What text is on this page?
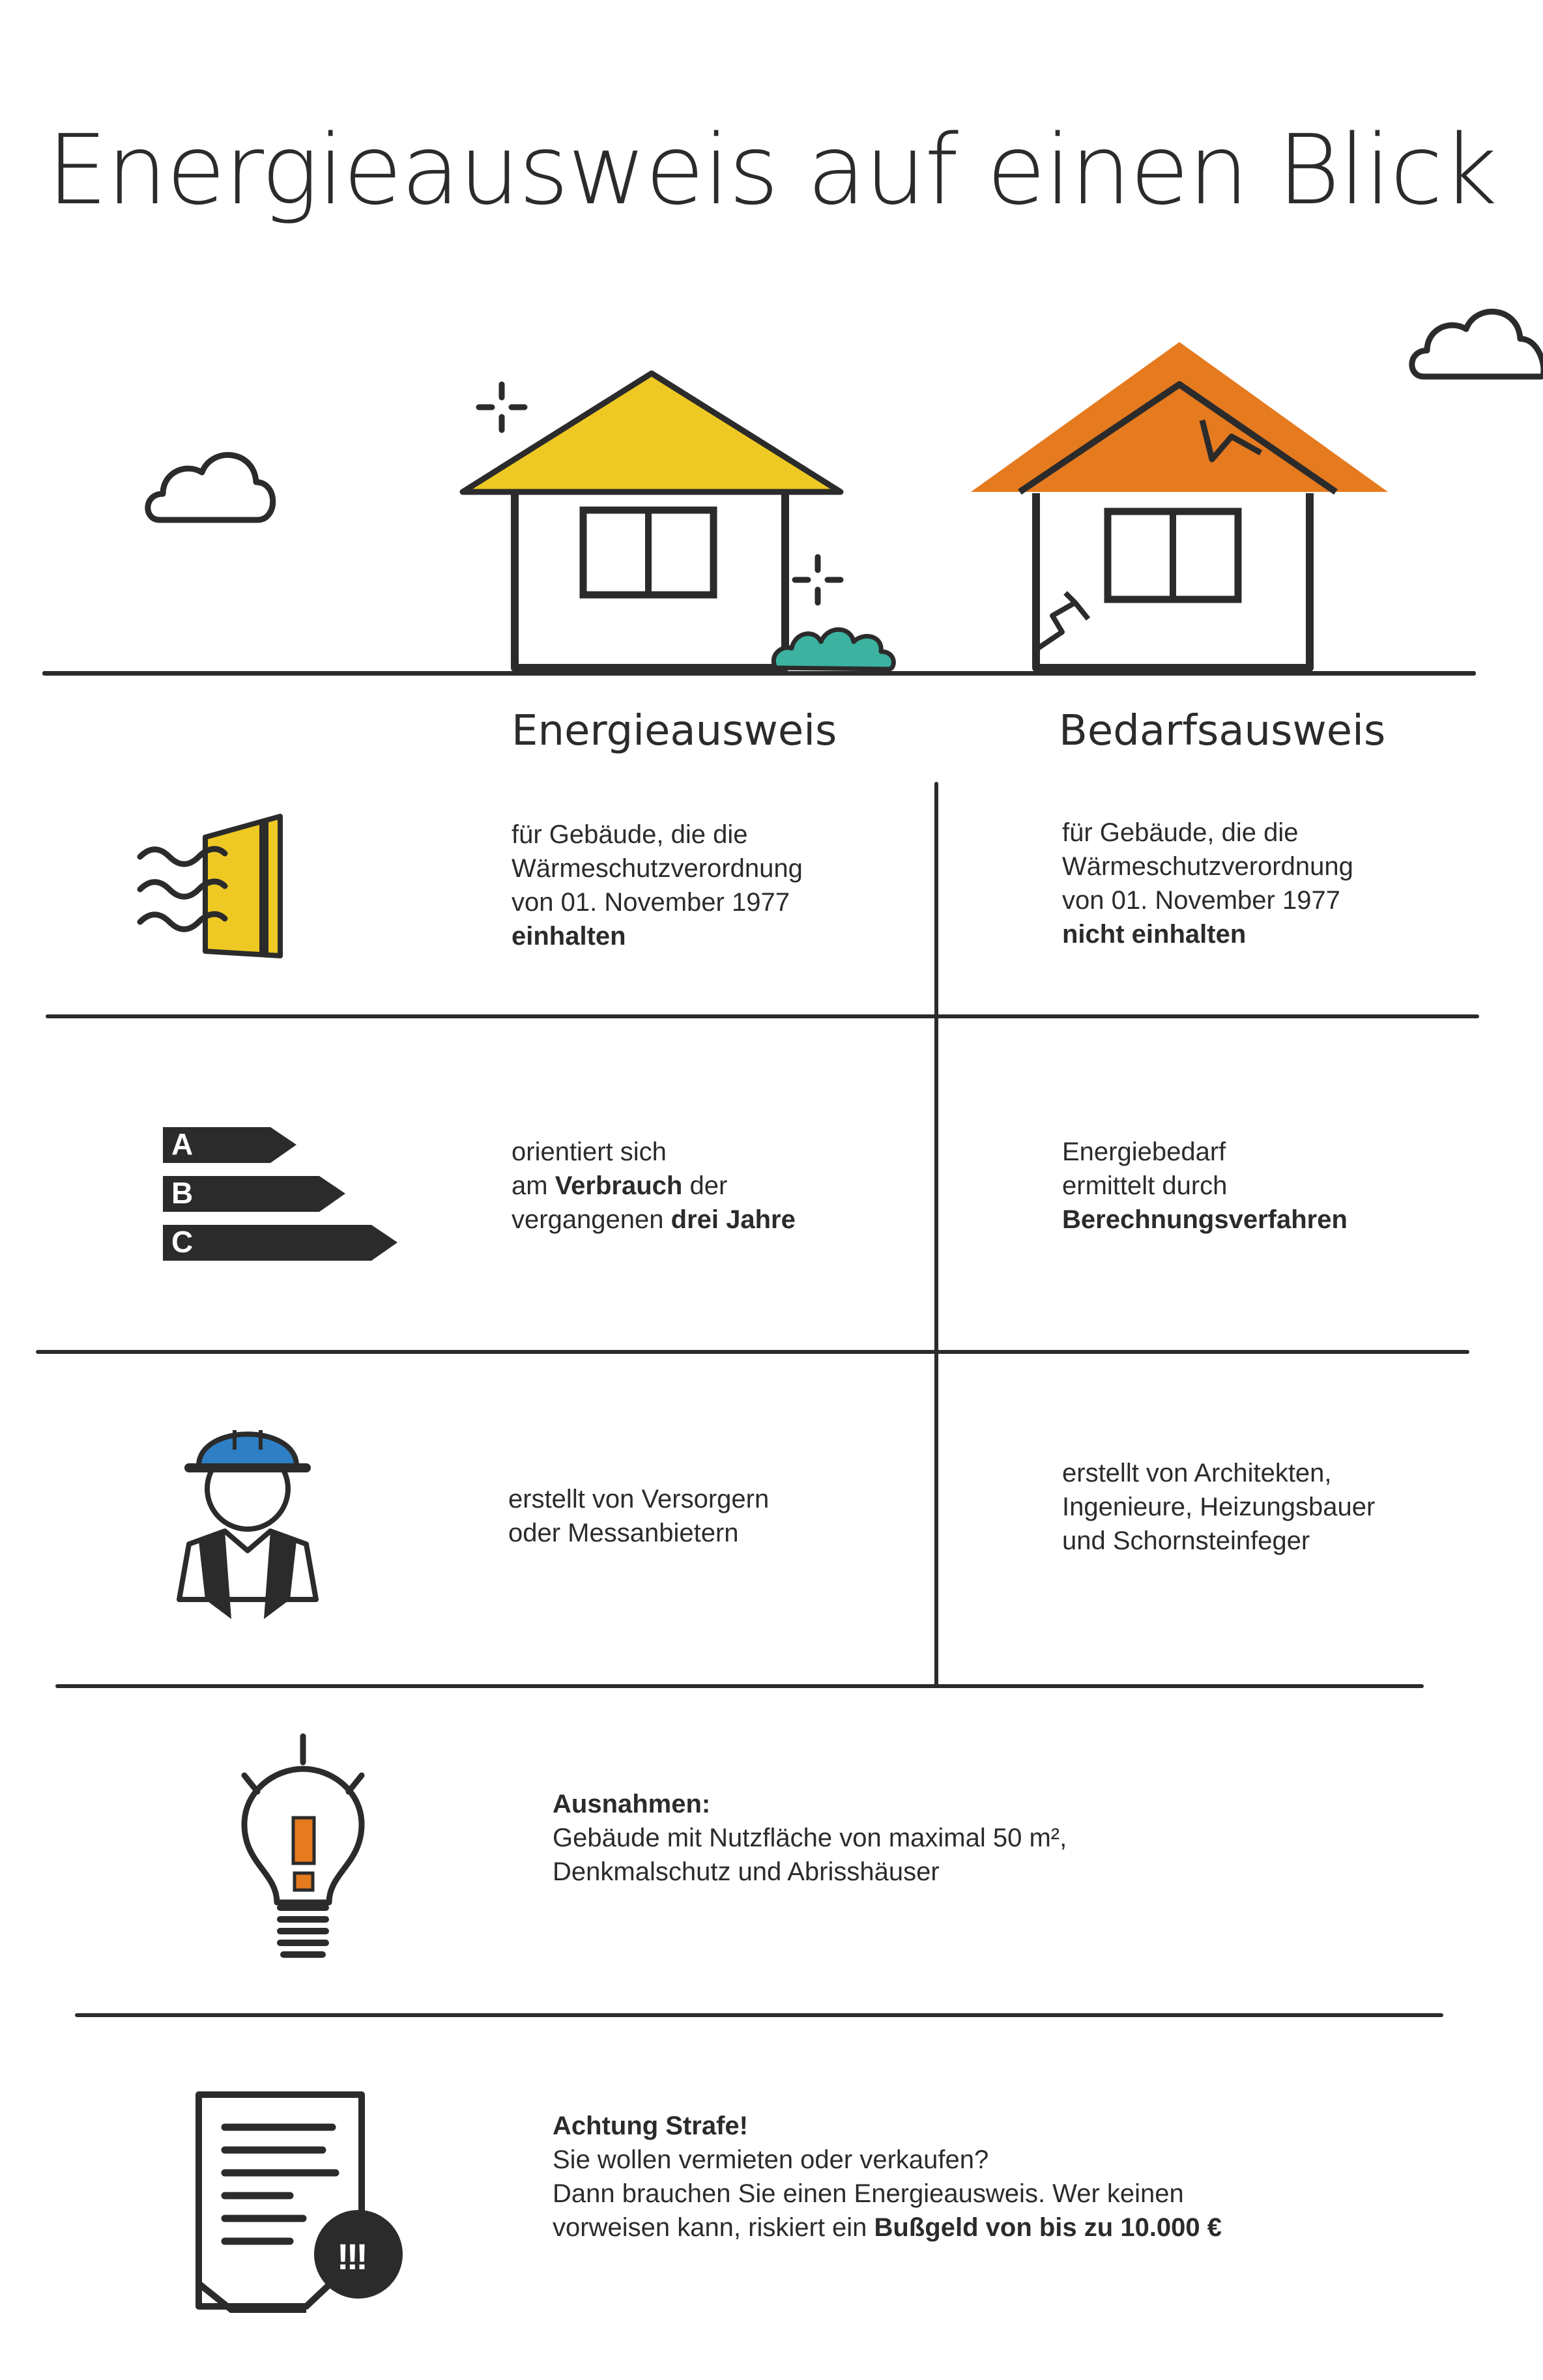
Energieausweis auf einen Blick
Energieausweis	Bedarfsausweis
für Gebäude, die die
Wärmeschutzverordnung
von 01. November 1977
einhalten
für Gebäude, die die
Wärmeschutzverordnung
von 01. November 1977
nicht einhalten
A
B
C
orientiert sich
am Verbrauch der
vergangenen drei Jahre
Energiebedarf
ermittelt durch
Berechnungsverfahren
erstellt von Versorgern
oder Messanbietern
erstellt von Architekten,
Ingenieure, Heizungsbauer
und Schornsteinfeger
Ausnahmen:
Gebäude mit Nutzfläche von maximal 50 m²,
Denkmalschutz und Abrisshäuser
!!!
Achtung Strafe!
Sie wollen vermieten oder verkaufen?
Dann brauchen Sie einen Energieausweis. Wer keinen
vorweisen kann, riskiert ein Bußgeld von bis zu 10.000 €
